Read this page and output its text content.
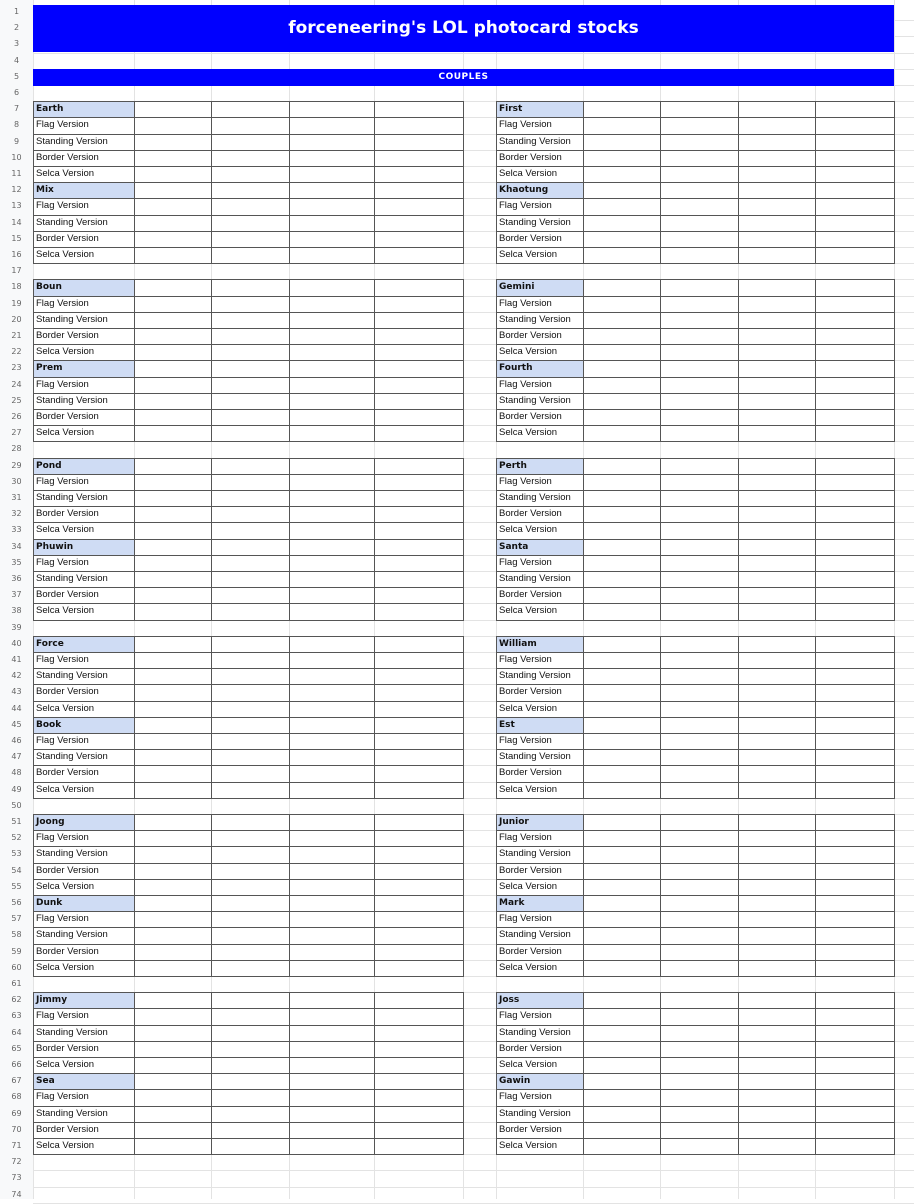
1
2
3
4
5
6
7
8
9
10
11
12
13
14
15
16
17
18
19
20
21
22
23
24
25
26
27
28
29
30
31
32
33
34
35
36
37
38
39
40
41
42
43
44
45
46
47
48
49
50
51
52
53
54
55
56
57
58
59
60
61
62
63
64
65
66
67
68
69
70
71
72
73
74
forceneering's LOL photocard stocks
COUPLES
Earth
Flag Version
Standing Version
Border Version
Selca Version
Mix
Flag Version
Standing Version
Border Version
Selca Version
First
Flag Version
Standing Version
Border Version
Selca Version
Khaotung
Flag Version
Standing Version
Border Version
Selca Version
Boun
Flag Version
Standing Version
Border Version
Selca Version
Prem
Flag Version
Standing Version
Border Version
Selca Version
Gemini
Flag Version
Standing Version
Border Version
Selca Version
Fourth
Flag Version
Standing Version
Border Version
Selca Version
Pond
Flag Version
Standing Version
Border Version
Selca Version
Phuwin
Flag Version
Standing Version
Border Version
Selca Version
Perth
Flag Version
Standing Version
Border Version
Selca Version
Santa
Flag Version
Standing Version
Border Version
Selca Version
Force
Flag Version
Standing Version
Border Version
Selca Version
Book
Flag Version
Standing Version
Border Version
Selca Version
William
Flag Version
Standing Version
Border Version
Selca Version
Est
Flag Version
Standing Version
Border Version
Selca Version
Joong
Flag Version
Standing Version
Border Version
Selca Version
Dunk
Flag Version
Standing Version
Border Version
Selca Version
Junior
Flag Version
Standing Version
Border Version
Selca Version
Mark
Flag Version
Standing Version
Border Version
Selca Version
Jimmy
Flag Version
Standing Version
Border Version
Selca Version
Sea
Flag Version
Standing Version
Border Version
Selca Version
Joss
Flag Version
Standing Version
Border Version
Selca Version
Gawin
Flag Version
Standing Version
Border Version
Selca Version
